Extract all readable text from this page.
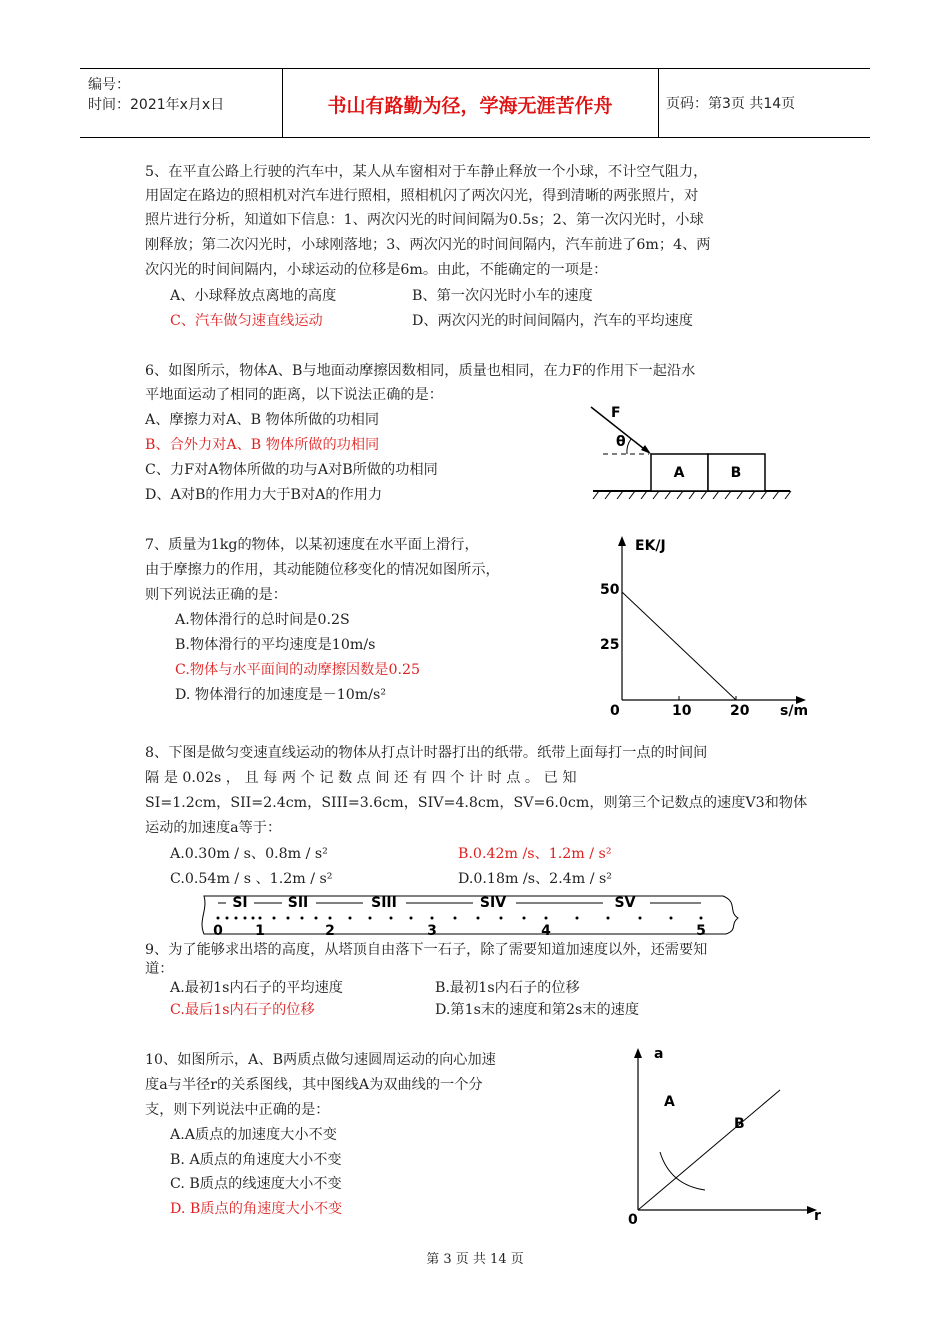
编号：
时间：2021年x月x日	书山有路勤为径，学海无涯苦作舟	页码：第3页 共14页
5、在平直公路上行驶的汽车中，某人从车窗相对于车静止释放一个小球，不计空气阻力，
用固定在路边的照相机对汽车进行照相，照相机闪了两次闪光，得到清晰的两张照片，对
照片进行分析，知道如下信息：1、两次闪光的时间间隔为0.5s；2、第一次闪光时，小球
刚释放；第二次闪光时，小球刚落地；3、两次闪光的时间间隔内，汽车前进了6m；4、两
次闪光的时间间隔内，小球运动的位移是6m。由此，不能确定的一项是：
A、小球释放点离地的高度	B、第一次闪光时小车的速度
C、汽车做匀速直线运动	D、两次闪光的时间间隔内，汽车的平均速度
6、如图所示，物体A、B与地面动摩擦因数相同，质量也相同，在力F的作用下一起沿水
平地面运动了相同的距离，以下说法正确的是：
A、摩擦力对A、B 物体所做的功相同
B、合外力对A、B 物体所做的功相同
C、力F对A物体所做的功与A对B所做的功相同
D、A对B的作用力大于B对A的作用力
A	B
F
θ
7、质量为1kg的物体，以某初速度在水平面上滑行，
由于摩擦力的作用，其动能随位移变化的情况如图所示，
则下列说法正确的是：
A.物体滑行的总时间是0.2S
B.物体滑行的平均速度是10m/s
C.物体与水平面间的动摩擦因数是0.25
D. 物体滑行的加速度是－10m/s²
EK/J
50
25
0	10	20 s/m
8、下图是做匀变速直线运动的物体从打点计时器打出的纸带。纸带上面每打一点的时间间
隔 是 0.02s ， 且 每 两 个 记 数 点 间 还 有 四 个 计 时 点 。 已 知
SI=1.2cm，SII=2.4cm，SIII=3.6cm，SIV=4.8cm，SV=6.0cm，则第三个记数点的速度V3和物体
运动的加速度a等于：
A.0.30m / s、0.8m / s²	B.0.42m /s、1.2m / s²
C.0.54m / s 、1.2m / s²	D.0.18m /s、2.4m / s²
SI	SII	SIII	SIV	SV
0 1	2	3	4	5
9、为了能够求出塔的高度，从塔顶自由落下一石子，除了需要知道加速度以外，还需要知
道：
A.最初1s内石子的平均速度	B.最初1s内石子的位移
C.最后1s内石子的位移	D.第1s末的速度和第2s末的速度
10、如图所示，A、B两质点做匀速圆周运动的向心加速
度a与半径r的关系图线，其中图线A为双曲线的一个分
支，则下列说法中正确的是：
A.A质点的加速度大小不变
B. A质点的角速度大小不变
C. B质点的线速度大小不变
D. B质点的角速度大小不变
a
A
B
0	r
第 3 页 共 14 页
